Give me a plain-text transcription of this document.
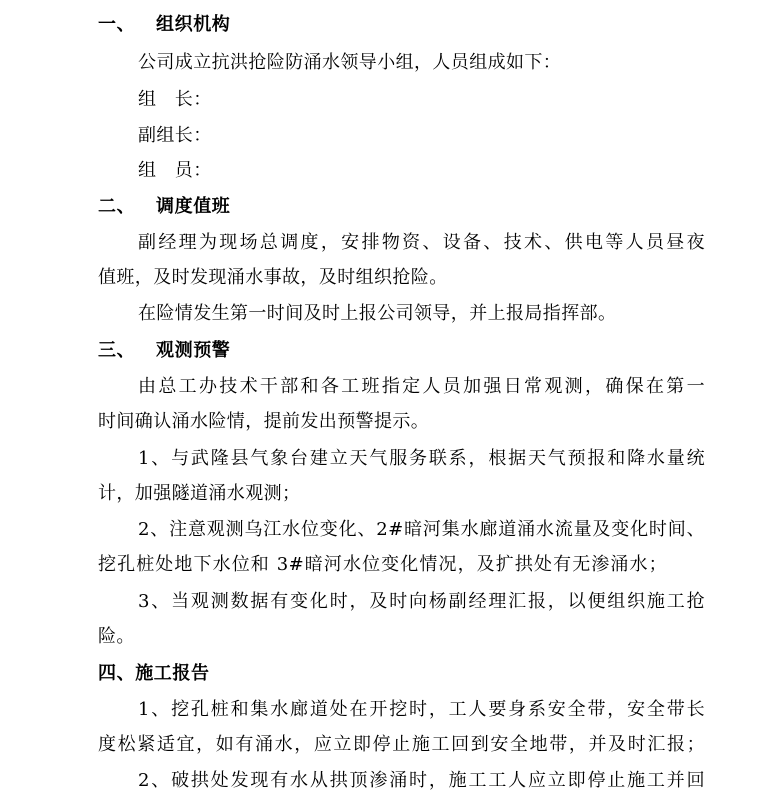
一、 组织机构
公司成立抗洪抢险防涌水领导小组，人员组成如下：
组　长：
副组长：
组　员：
二、 调度值班
副经理为现场总调度，安排物资、设备、技术、供电等人员昼夜
值班，及时发现涌水事故，及时组织抢险。
在险情发生第一时间及时上报公司领导，并上报局指挥部。
三、 观测预警
由总工办技术干部和各工班指定人员加强日常观测，确保在第一
时间确认涌水险情，提前发出预警提示。
1、与武隆县气象台建立天气服务联系，根据天气预报和降水量统
计，加强隧道涌水观测；
2、注意观测乌江水位变化、2#暗河集水廊道涌水流量及变化时间、
挖孔桩处地下水位和 3#暗河水位变化情况，及扩拱处有无渗涌水；
3、当观测数据有变化时，及时向杨副经理汇报，以便组织施工抢
险。
四、施工报告
1、挖孔桩和集水廊道处在开挖时，工人要身系安全带，安全带长
度松紧适宜，如有涌水，应立即停止施工回到安全地带，并及时汇报；
2、破拱处发现有水从拱顶渗涌时，施工工人应立即停止施工并回
